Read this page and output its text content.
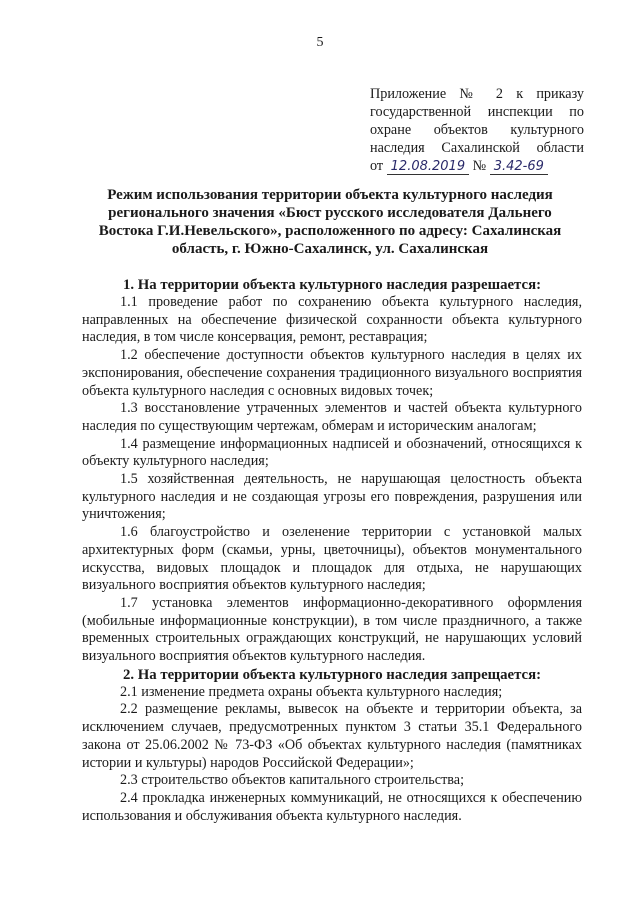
5
Приложение № 2 к приказу
государственной инспекции по
охране объектов культурного
наследия Сахалинской области
от 12.08.2019 № 3.42-69
Режим использования территории объекта культурного наследия регионального значения «Бюст русского исследователя Дальнего Востока Г.И.Невельского», расположенного по адресу: Сахалинская область, г. Южно-Сахалинск, ул. Сахалинская
1. На территории объекта культурного наследия разрешается:

1.1 проведение работ по сохранению объекта культурного наследия, направленных на обеспечение физической сохранности объекта культурного наследия, в том числе консервация, ремонт, реставрация;

1.2 обеспечение доступности объектов культурного наследия в целях их экспонирования, обеспечение сохранения традиционного визуального восприятия объекта культурного наследия с основных видовых точек;

1.3 восстановление утраченных элементов и частей объекта культурного наследия по существующим чертежам, обмерам и историческим аналогам;

1.4 размещение информационных надписей и обозначений, относящихся к объекту культурного наследия;

1.5 хозяйственная деятельность, не нарушающая целостность объекта культурного наследия и не создающая угрозы его повреждения, разрушения или уничтожения;

1.6 благоустройство и озеленение территории с установкой малых архитектурных форм (скамьи, урны, цветочницы), объектов монументального искусства, видовых площадок и площадок для отдыха, не нарушающих визуального восприятия объектов культурного наследия;

1.7 установка элементов информационно-декоративного оформления (мобильные информационные конструкции), в том числе праздничного, а также временных строительных ограждающих конструкций, не нарушающих условий визуального восприятия объектов культурного наследия.

2. На территории объекта культурного наследия запрещается:

2.1 изменение предмета охраны объекта культурного наследия;

2.2 размещение рекламы, вывесок на объекте и территории объекта, за исключением случаев, предусмотренных пунктом 3 статьи 35.1 Федерального закона от 25.06.2002 № 73-ФЗ «Об объектах культурного наследия (памятниках истории и культуры) народов Российской Федерации»;

2.3 строительство объектов капитального строительства;

2.4 прокладка инженерных коммуникаций, не относящихся к обеспечению использования и обслуживания объекта культурного наследия.
